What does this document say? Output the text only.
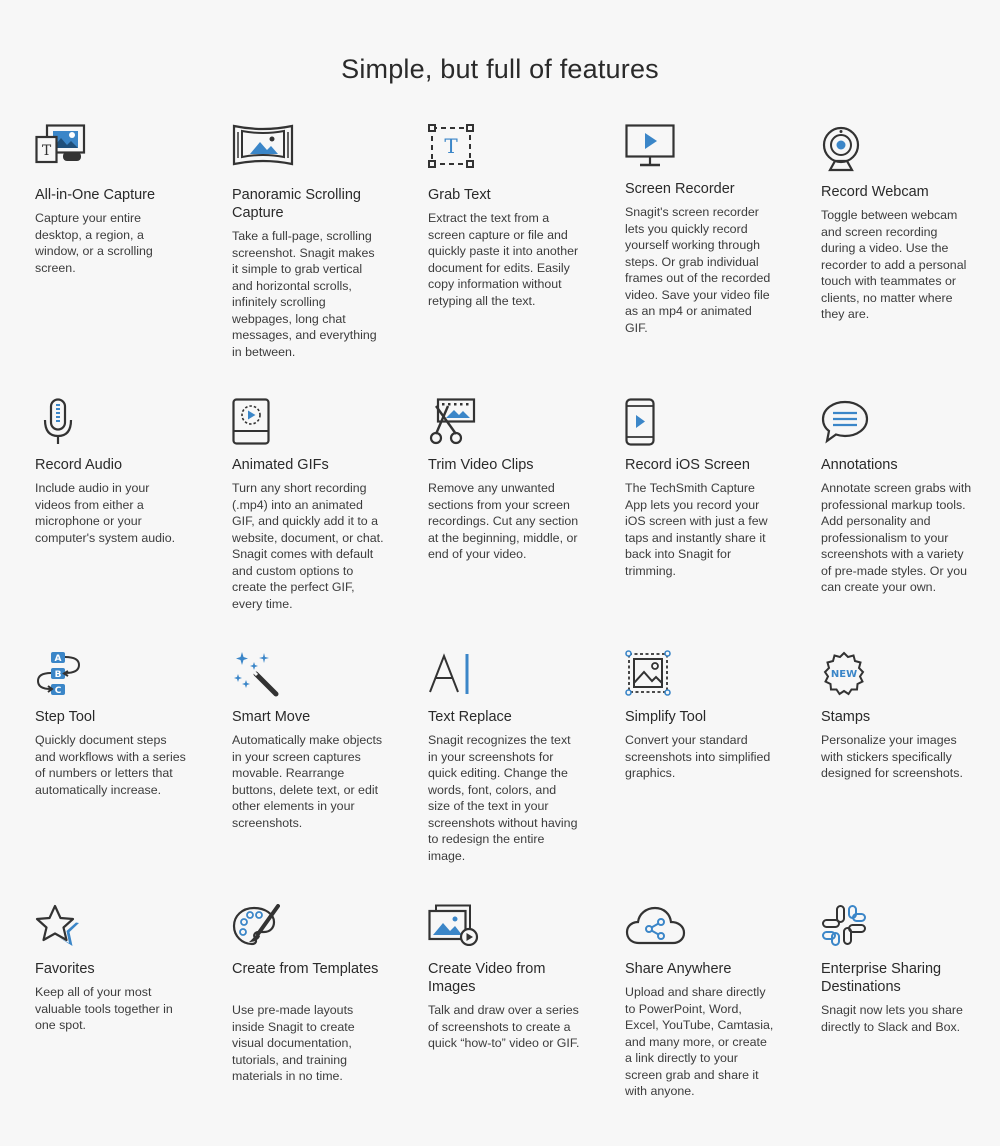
Simple, but full of features
T
All-in-One Capture
Capture your entire desktop, a region, a window, or a scrolling screen.
Panoramic Scrolling Capture
Take a full-page, scrolling screenshot. Snagit makes it simple to grab vertical and horizontal scrolls, infinitely scrolling webpages, long chat messages, and everything in between.
T
Grab Text
Extract the text from a screen capture or file and quickly paste it into another document for edits. Easily copy information without retyping all the text.
Screen Recorder
Snagit's screen recorder lets you quickly record yourself working through steps. Or grab individual frames out of the recorded video. Save your video file as an mp4 or animated GIF.
Record Webcam
Toggle between webcam and screen recording during a video. Use the recorder to add a personal touch with teammates or clients, no matter where they are.
Record Audio
Include audio in your videos from either a microphone or your computer's system audio.
Animated GIFs
Turn any short recording (.mp4) into an animated GIF, and quickly add it to a website, document, or chat. Snagit comes with default and custom options to create the perfect GIF, every time.
Trim Video Clips
Remove any unwanted sections from your screen recordings. Cut any section at the beginning, middle, or end of your video.
Record iOS Screen
The TechSmith Capture App lets you record your iOS screen with just a few taps and instantly share it back into Snagit for trimming.
Annotations
Annotate screen grabs with professional markup tools. Add personality and professionalism to your screenshots with a variety of pre-made styles. Or you can create your own.
A
B
C
Step Tool
Quickly document steps and workflows with a series of numbers or letters that automatically increase.
Smart Move
Automatically make objects in your screen captures movable. Rearrange buttons, delete text, or edit other elements in your screenshots.
Text Replace
Snagit recognizes the text in your screenshots for quick editing. Change the words, font, colors, and size of the text in your screenshots without having to redesign the entire image.
Simplify Tool
Convert your standard screenshots into simplified graphics.
NEW
Stamps
Personalize your images with stickers specifically designed for screenshots.
Favorites
Keep all of your most valuable tools together in one spot.
Create from Templates
Use pre-made layouts inside Snagit to create visual documentation, tutorials, and training materials in no time.
Create Video from Images
Talk and draw over a series of screenshots to create a quick “how-to” video or GIF.
Share Anywhere
Upload and share directly to PowerPoint, Word, Excel, YouTube, Camtasia, and many more, or create a link directly to your screen grab and share it with anyone.
Enterprise Sharing Destinations
Snagit now lets you share directly to Slack and Box.
